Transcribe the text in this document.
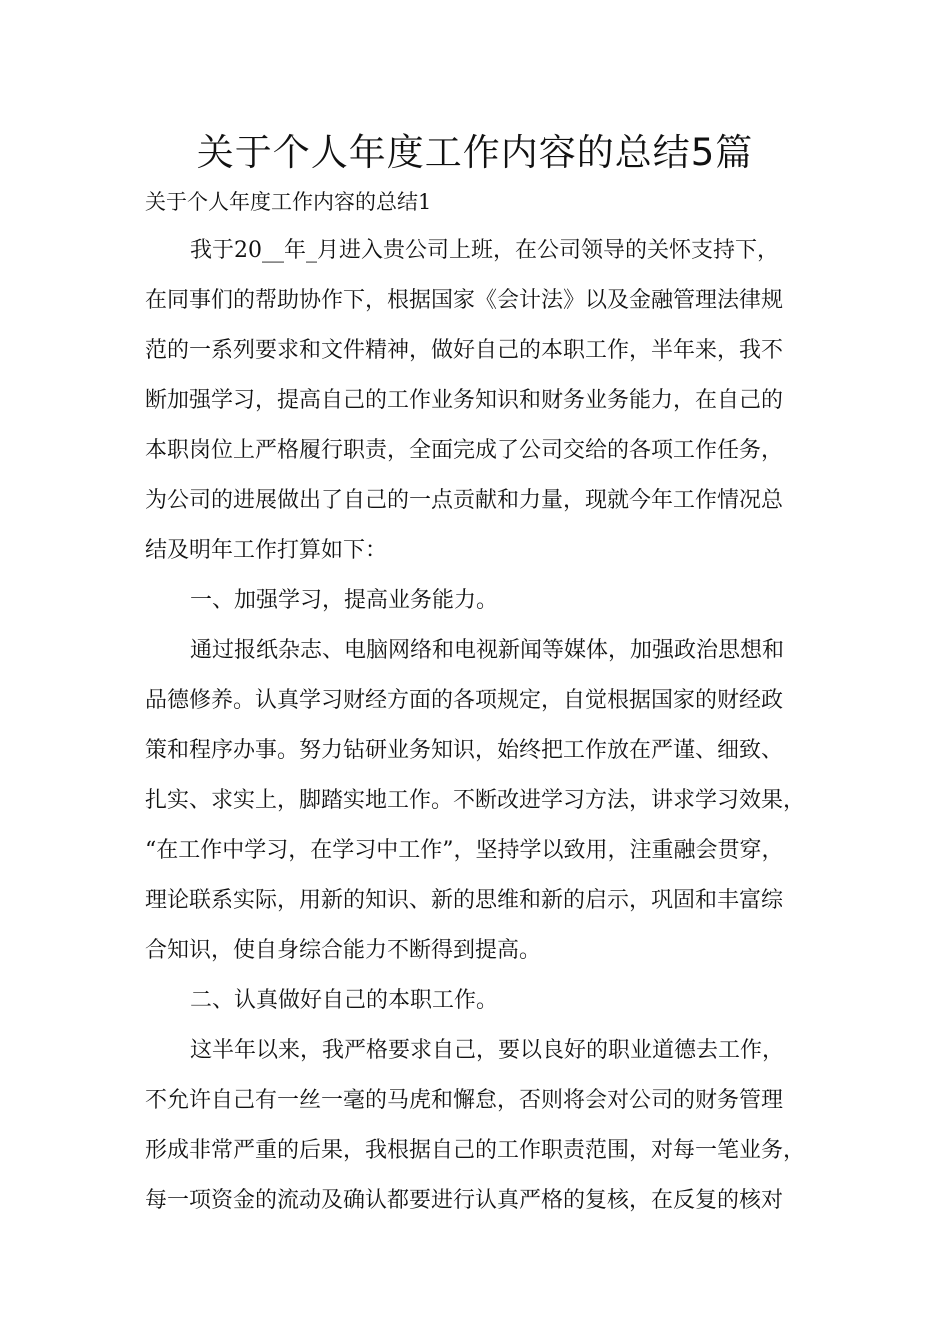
关于个人年度工作内容的总结5篇
关于个人年度工作内容的总结1
我于20__年_月进入贵公司上班，在公司领导的关怀支持下，
在同事们的帮助协作下，根据国家《会计法》以及金融管理法律规
范的一系列要求和文件精神，做好自己的本职工作，半年来，我不
断加强学习，提高自己的工作业务知识和财务业务能力，在自己的
本职岗位上严格履行职责，全面完成了公司交给的各项工作任务，
为公司的进展做出了自己的一点贡献和力量，现就今年工作情况总
结及明年工作打算如下：
一、加强学习，提高业务能力。
通过报纸杂志、电脑网络和电视新闻等媒体，加强政治思想和
品德修养。认真学习财经方面的各项规定，自觉根据国家的财经政
策和程序办事。努力钻研业务知识，始终把工作放在严谨、细致、
扎实、求实上，脚踏实地工作。不断改进学习方法，讲求学习效果，
“在工作中学习，在学习中工作”，坚持学以致用，注重融会贯穿，
理论联系实际，用新的知识、新的思维和新的启示，巩固和丰富综
合知识，使自身综合能力不断得到提高。
二、认真做好自己的本职工作。
这半年以来，我严格要求自己，要以良好的职业道德去工作，
不允许自己有一丝一毫的马虎和懈怠，否则将会对公司的财务管理
形成非常严重的后果，我根据自己的工作职责范围，对每一笔业务，
每一项资金的流动及确认都要进行认真严格的复核，在反复的核对
